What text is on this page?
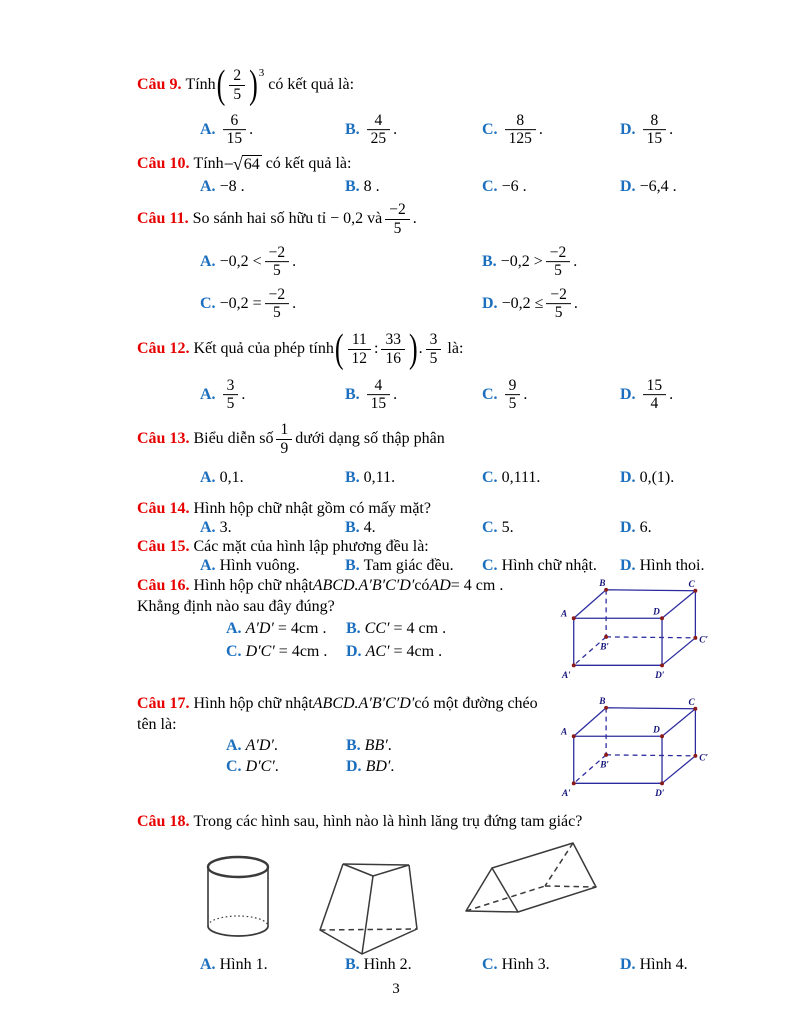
Câu 9. Tính ( $\frac{2}{5}$ ) 3
có kết quả là:
A. $\frac{6}{15}$ .	B. $\frac{4}{25}$ .	C. $\frac{8}{125}$ .	D. $\frac{8}{15}$ .
Câu 10. Tính −√ 64 có kết quả là:
A. −8 .	B. 8 .	C. −6 .	D. −6,4 .
Câu 11. So sánh hai số hữu tỉ − 0,2 và $\frac{-2}{5}$ .
A. $-0,2 < \frac{-2}{5}$ .	B. $-0,2 > \frac{-2}{5}$ .
C. $-0,2 = \frac{-2}{5}$ .	D. $-0,2 \le \frac{-2}{5}$ .
Câu 12. Kết quả của phép tính ( $\frac{11}{12}$ : $\frac{33}{16}$ ) . $\frac{3}{5}$ là:
A. $\frac{3}{5}$ .	B. $\frac{4}{15}$ .	C. $\frac{9}{5}$ .	D. $\frac{15}{4}$ .
Câu 13. Biểu diễn số $\frac{1}{9}$ dưới dạng số thập phân
A. 0,1.	B. 0,11.	C. 0,111.	D. 0,(1).
Câu 14. Hình hộp chữ nhật gồm có mấy mặt?
A. 3.	B. 4.	C. 5.	D. 6.
Câu 15. Các mặt của hình lập phương đều là:
A. Hình vuông.	B. Tam giác đều. C. Hình chữ nhật. D. Hình thoi.
Câu 16. Hình hộp chữ nhật ABCD.A′B′C′D′ có AD = 4 cm .
Khẳng định nào sau đây đúng?
A. A′D′ = 4cm . B. CC′ = 4 cm .
C. D′C′ = 4cm . D. AC′ = 4cm .
B	C
A	D
B′
C′
A′	D′
Câu 17. Hình hộp chữ nhật ABCD.A′B′C′D′ có một đường chéo
tên là:
A. A′D′ .	B. BB′ .
C. D′C′ .	D. BD′ .
B	C
A	D
B′
C′
A′	D′
Câu 18. Trong các hình sau, hình nào là hình lăng trụ đứng tam giác?
A. Hình 1.	B. Hình 2.	C. Hình 3.	D. Hình 4.
3
